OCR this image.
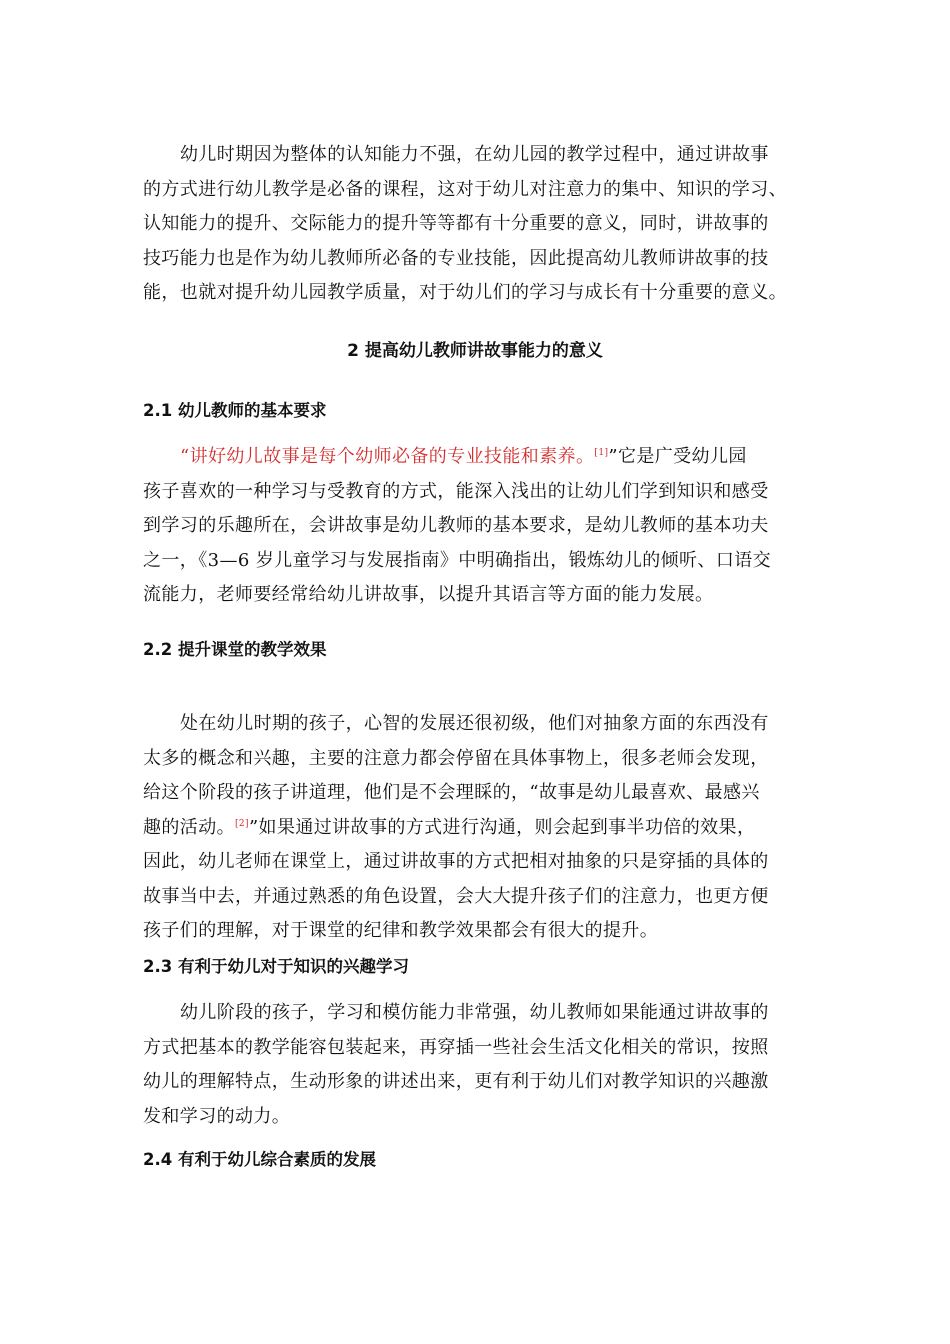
幼儿时期因为整体的认知能力不强，在幼儿园的教学过程中，通过讲故事
的方式进行幼儿教学是必备的课程，这对于幼儿对注意力的集中、知识的学习、
认知能力的提升、交际能力的提升等等都有十分重要的意义，同时，讲故事的
技巧能力也是作为幼儿教师所必备的专业技能，因此提高幼儿教师讲故事的技
能，也就对提升幼儿园教学质量，对于幼儿们的学习与成长有十分重要的意义。
2 提高幼儿教师讲故事能力的意义
2.1 幼儿教师的基本要求
“讲好幼儿故事是每个幼师必备的专业技能和素养。[1]”它是广受幼儿园
孩子喜欢的一种学习与受教育的方式，能深入浅出的让幼儿们学到知识和感受
到学习的乐趣所在，会讲故事是幼儿教师的基本要求，是幼儿教师的基本功夫
之一，《3—6 岁儿童学习与发展指南》中明确指出，锻炼幼儿的倾听、口语交
流能力，老师要经常给幼儿讲故事，以提升其语言等方面的能力发展。
2.2 提升课堂的教学效果
处在幼儿时期的孩子，心智的发展还很初级，他们对抽象方面的东西没有
太多的概念和兴趣，主要的注意力都会停留在具体事物上，很多老师会发现，
给这个阶段的孩子讲道理，他们是不会理睬的，“故事是幼儿最喜欢、最感兴
趣的活动。[2]”如果通过讲故事的方式进行沟通，则会起到事半功倍的效果，
因此，幼儿老师在课堂上，通过讲故事的方式把相对抽象的只是穿插的具体的
故事当中去，并通过熟悉的角色设置，会大大提升孩子们的注意力，也更方便
孩子们的理解，对于课堂的纪律和教学效果都会有很大的提升。
2.3 有利于幼儿对于知识的兴趣学习
幼儿阶段的孩子，学习和模仿能力非常强，幼儿教师如果能通过讲故事的
方式把基本的教学能容包装起来，再穿插一些社会生活文化相关的常识，按照
幼儿的理解特点，生动形象的讲述出来，更有利于幼儿们对教学知识的兴趣激
发和学习的动力。
2.4 有利于幼儿综合素质的发展
